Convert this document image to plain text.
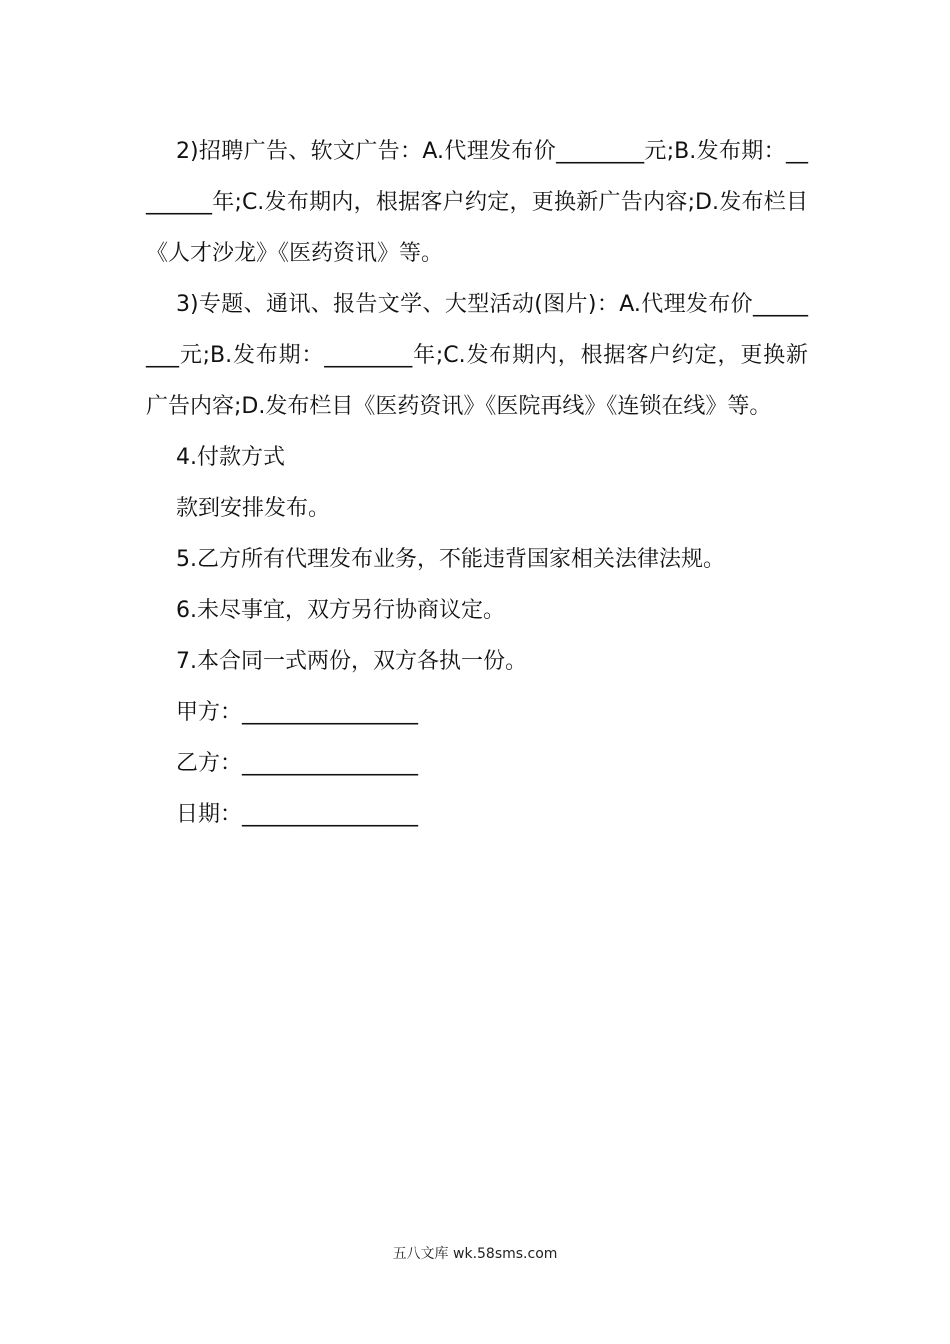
2)招聘广告、软文广告：A.代理发布价________元;B.发布期：________年;C.发布期内，根据客户约定，更换新广告内容;D.发布栏目《人才沙龙》《医药资讯》等。

3)专题、通讯、报告文学、大型活动(图片)：A.代理发布价________元;B.发布期：________年;C.发布期内，根据客户约定，更换新广告内容;D.发布栏目《医药资讯》《医院再线》《连锁在线》等。

4.付款方式

款到安排发布。

5.乙方所有代理发布业务，不能违背国家相关法律法规。

6.未尽事宜，双方另行协商议定。

7.本合同一式两份，双方各执一份。

甲方：________________

乙方：________________

日期：________________

五八文库 wk.58sms.com
